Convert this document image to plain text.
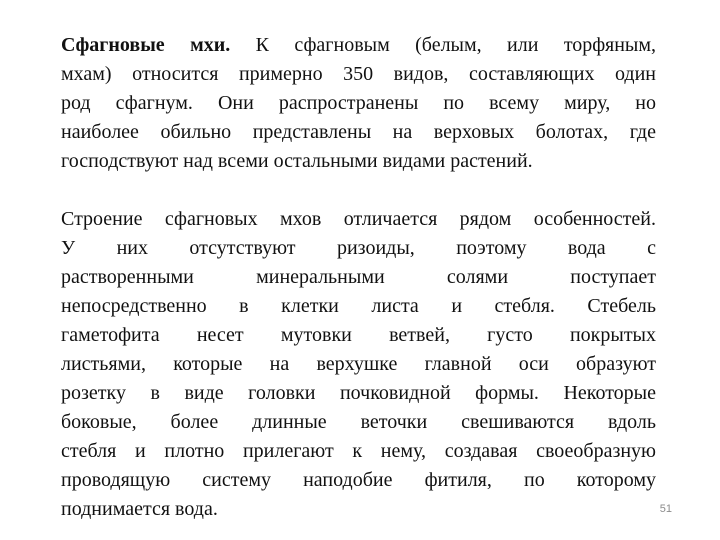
Сфагновые мхи. К сфагновым (белым, или торфяным,
мхам) относится примерно 350 видов, составляющих один
род сфагнум. Они распространены по всему миру, но
наиболее обильно представлены на верховых болотах, где
господствуют над всеми остальными видами растений.
Строение сфагновых мхов отличается рядом особенностей.
У них отсутствуют ризоиды, поэтому вода с
растворенными минеральными солями поступает
непосредственно в клетки листа и стебля. Стебель
гаметофита несет мутовки ветвей, густо покрытых
листьями, которые на верхушке главной оси образуют
розетку в виде головки почковидной формы. Некоторые
боковые, более длинные веточки свешиваются вдоль
стебля и плотно прилегают к нему, создавая своеобразную
проводящую систему наподобие фитиля, по которому
поднимается вода.	51
